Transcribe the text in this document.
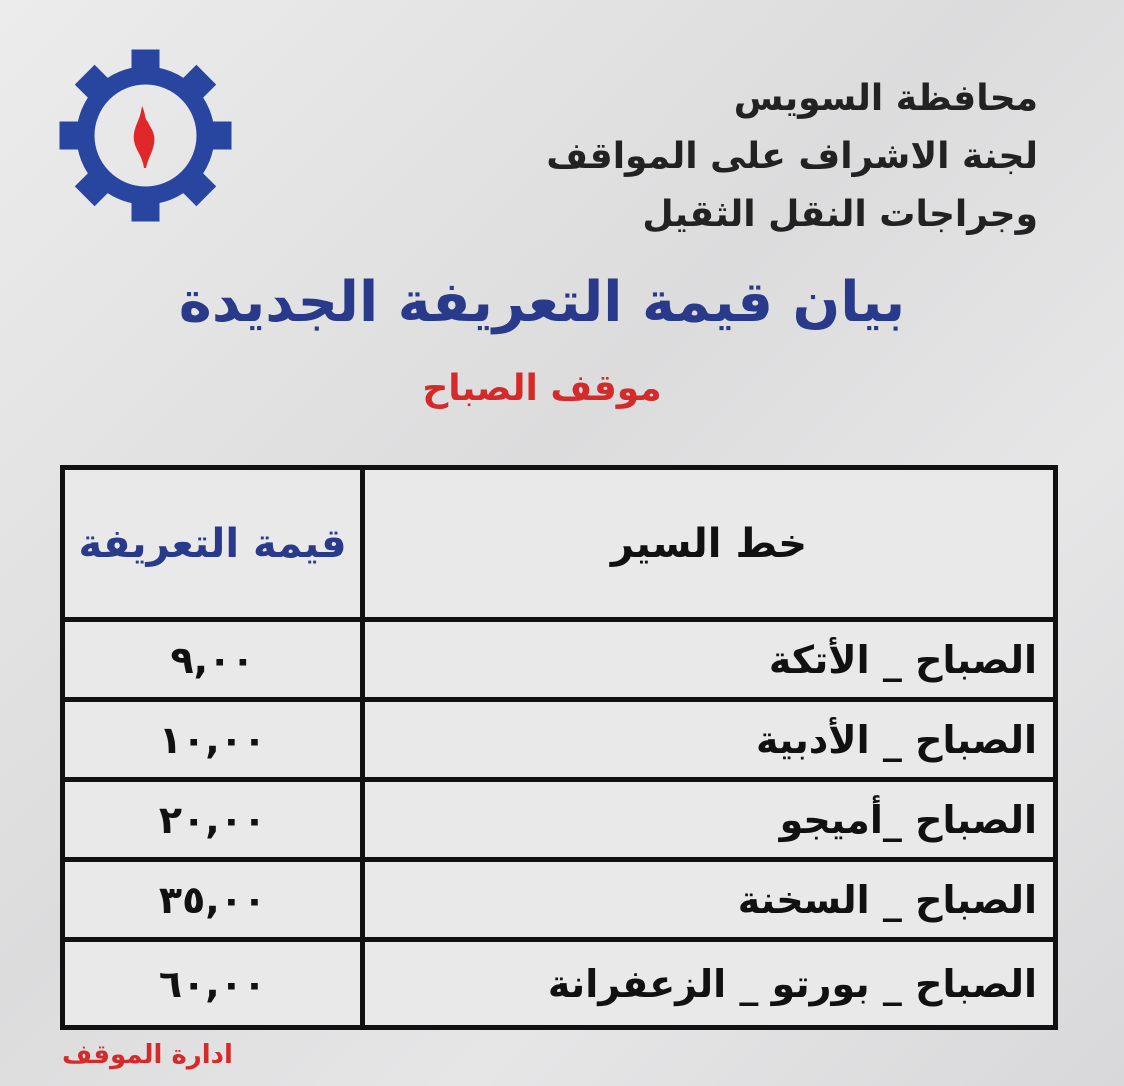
محافظة السويس
لجنة الاشراف على المواقف
وجراجات النقل الثقيل
بيان قيمة التعريفة الجديدة
موقف الصباح
خط السير	قيمة التعريفة
الصباح _ الأتكة	٩,٠٠
الصباح _ الأدبية	١٠,٠٠
الصباح _أميجو	٢٠,٠٠
الصباح _ السخنة	٣٥,٠٠
الصباح _ بورتو _ الزعفرانة	٦٠,٠٠
ادارة الموقف
